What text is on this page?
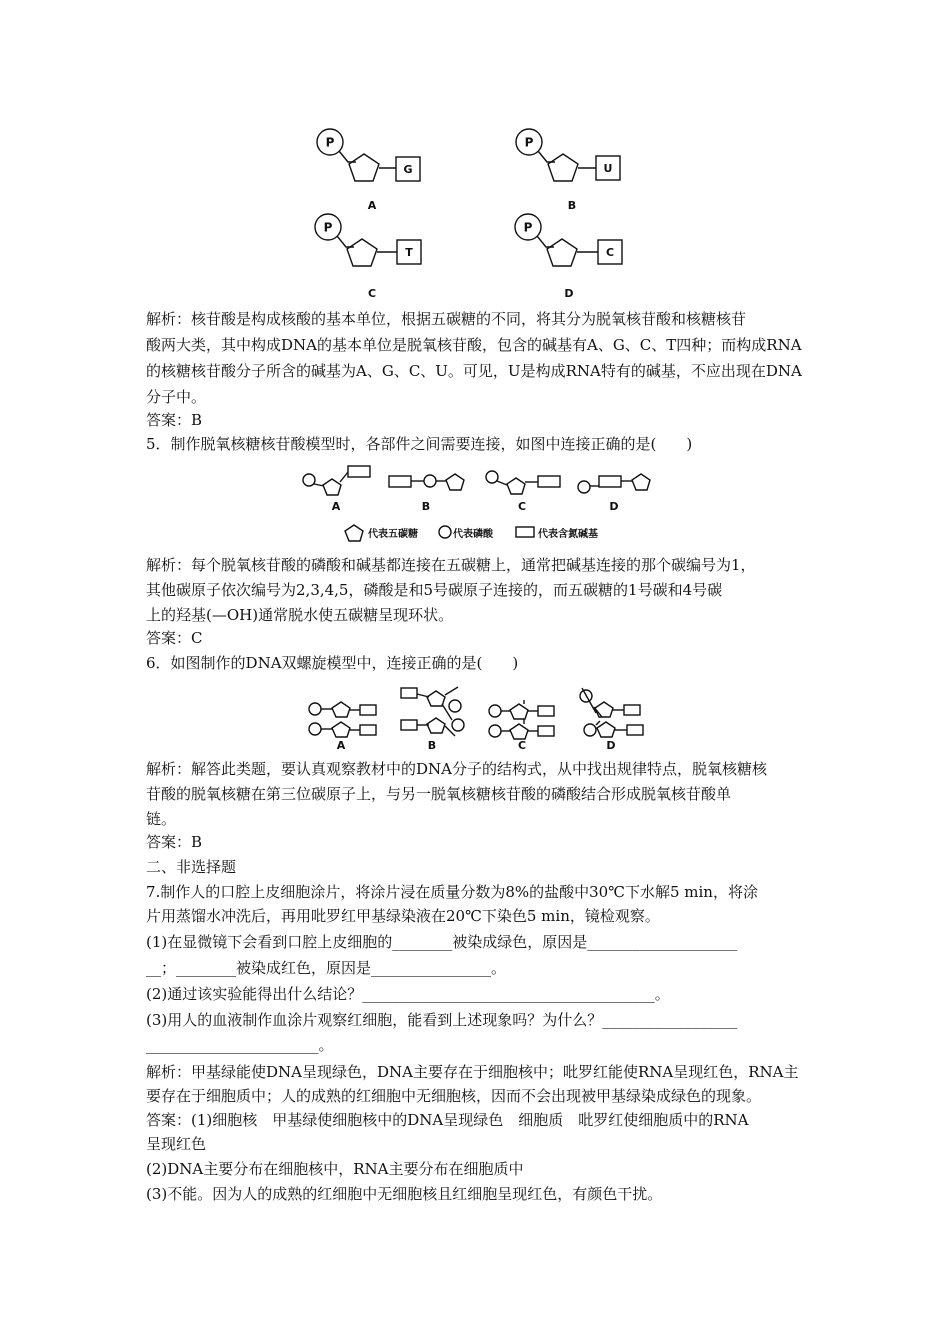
P
G
A
P
U
B
P
T
C
P
C
D
解析：核苷酸是构成核酸的基本单位，根据五碳糖的不同，将其分为脱氧核苷酸和核糖核苷
酸两大类，其中构成DNA的基本单位是脱氧核苷酸，包含的碱基有A、G、C、T四种；而构成RNA
的核糖核苷酸分子所含的碱基为A、G、C、U。可见，U是构成RNA特有的碱基，不应出现在DNA
分子中。
答案：B
5．制作脱氧核糖核苷酸模型时，各部件之间需要连接，如图中连接正确的是(　　)
A	B	C	D
代表五碳糖	代表磷酸	代表含氮碱基
解析：每个脱氧核苷酸的磷酸和碱基都连接在五碳糖上，通常把碱基连接的那个碳编号为1，
其他碳原子依次编号为2,3,4,5，磷酸是和5号碳原子连接的，而五碳糖的1号碳和4号碳
上的羟基(—OH)通常脱水使五碳糖呈现环状。
答案：C
6．如图制作的DNA双螺旋模型中，连接正确的是(　　)
A	B	C	D
解析：解答此类题，要认真观察教材中的DNA分子的结构式，从中找出规律特点，脱氧核糖核
苷酸的脱氧核糖在第三位碳原子上，与另一脱氧核糖核苷酸的磷酸结合形成脱氧核苷酸单
链。
答案：B
二、非选择题
7.制作人的口腔上皮细胞涂片，将涂片浸在质量分数为8%的盐酸中30℃下水解5 min，将涂
片用蒸馏水冲洗后，再用吡罗红甲基绿染液在20℃下染色5 min，镜检观察。
(1)在显微镜下会看到口腔上皮细胞的________被染成绿色，原因是____________________
__；________被染成红色，原因是________________。
(2)通过该实验能得出什么结论？_______________________________________。
(3)用人的血液制作血涂片观察红细胞，能看到上述现象吗？为什么？__________________
_______________________。
解析：甲基绿能使DNA呈现绿色，DNA主要存在于细胞核中；吡罗红能使RNA呈现红色，RNA主
要存在于细胞质中；人的成熟的红细胞中无细胞核，因而不会出现被甲基绿染成绿色的现象。
答案：(1)细胞核　甲基绿使细胞核中的DNA呈现绿色　细胞质　吡罗红使细胞质中的RNA
呈现红色
(2)DNA主要分布在细胞核中，RNA主要分布在细胞质中
(3)不能。因为人的成熟的红细胞中无细胞核且红细胞呈现红色，有颜色干扰。
